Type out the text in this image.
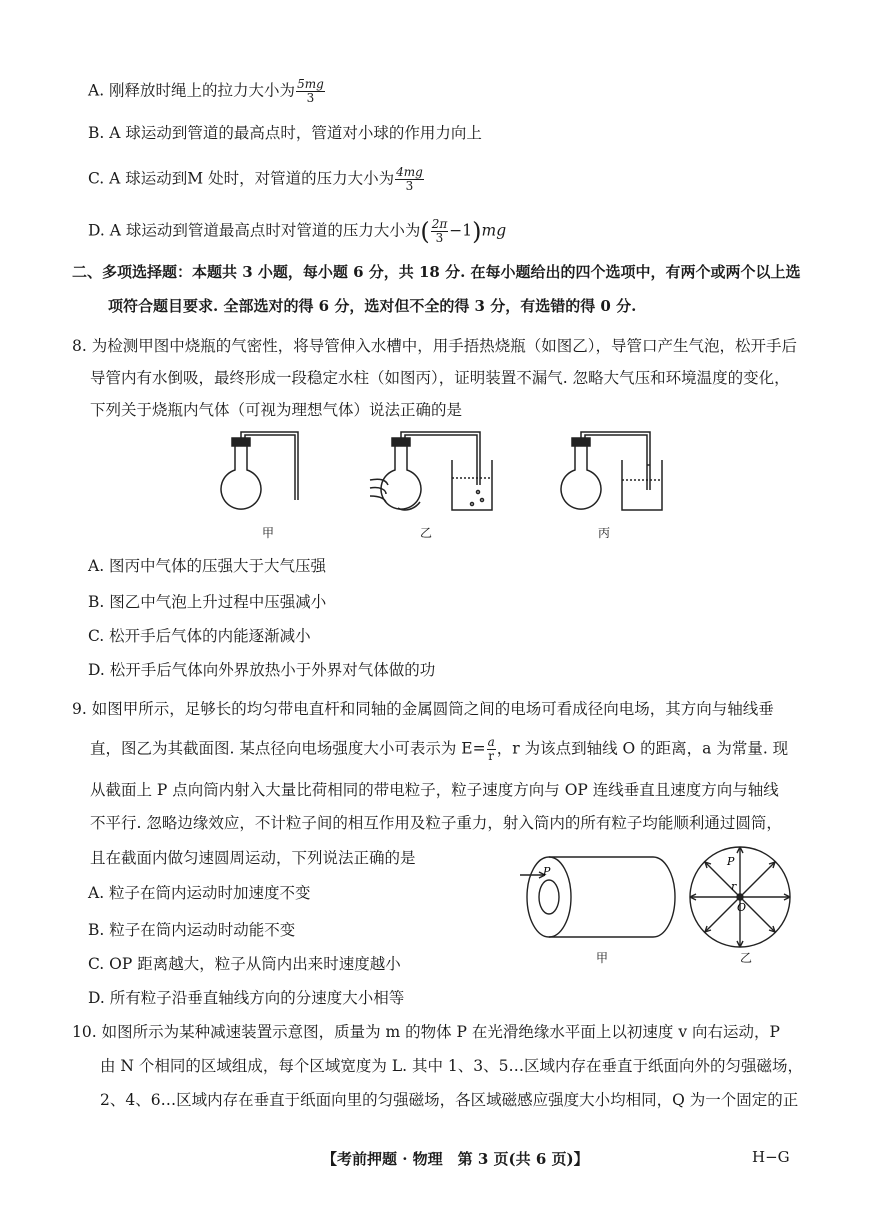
A. 刚释放时绳上的拉力大小为 $\frac{5mg}{3}$
B. A 球运动到管道的最高点时，管道对小球的作用力向上
C. A 球运动到M 处时，对管道的压力大小为 $\frac{4mg}{3}$
D. A 球运动到管道最高点时对管道的压力大小为( $\frac{2\pi}{3} -1)mg$
二、多项选择题：本题共 3 小题，每小题 6 分，共 18 分. 在每小题给出的四个选项中，有两个或两个以上选
项符合题目要求. 全部选对的得 6 分，选对但不全的得 3 分，有选错的得 0 分.
8. 为检测甲图中烧瓶的气密性，将导管伸入水槽中，用手捂热烧瓶（如图乙），导管口产生气泡，松开手后
导管内有水倒吸，最终形成一段稳定水柱（如图丙），证明装置不漏气. 忽略大气压和环境温度的变化，
下列关于烧瓶内气体（可视为理想气体）说法正确的是
甲	乙	丙
A. 图丙中气体的压强大于大气压强
B. 图乙中气泡上升过程中压强减小
C. 松开手后气体的内能逐渐减小
D. 松开手后气体向外界放热小于外界对气体做的功
9. 如图甲所示，足够长的均匀带电直杆和同轴的金属圆筒之间的电场可看成径向电场，其方向与轴线垂
直，图乙为其截面图. 某点径向电场强度大小可表示为 $E= \frac{a}{r}$ ，r 为该点到轴线 O 的距离，a 为常量. 现
从截面上 P 点向筒内射入大量比荷相同的带电粒子，粒子速度方向与 OP 连线垂直且速度方向与轴线
不平行. 忽略边缘效应，不计粒子间的相互作用及粒子重力，射入筒内的所有粒子均能顺利通过圆筒，
且在截面内做匀速圆周运动，下列说法正确的是
A. 粒子在筒内运动时加速度不变
B. 粒子在筒内运动时动能不变
C. OP 距离越大，粒子从筒内出来时速度越小
D. 所有粒子沿垂直轴线方向的分速度大小相等
P
P
r
O
甲	乙
10. 如图所示为某种减速装置示意图，质量为 m 的物体 P 在光滑绝缘水平面上以初速度 v 向右运动，P
由 N 个相同的区域组成，每个区域宽度为 L. 其中 1、3、5…区域内存在垂直于纸面向外的匀强磁场，
2、4、6…区域内存在垂直于纸面向里的匀强磁场，各区域磁感应强度大小均相同，Q 为一个固定的正
【考前押题 · 物理　第 3 页(共 6 页)】	H−G
